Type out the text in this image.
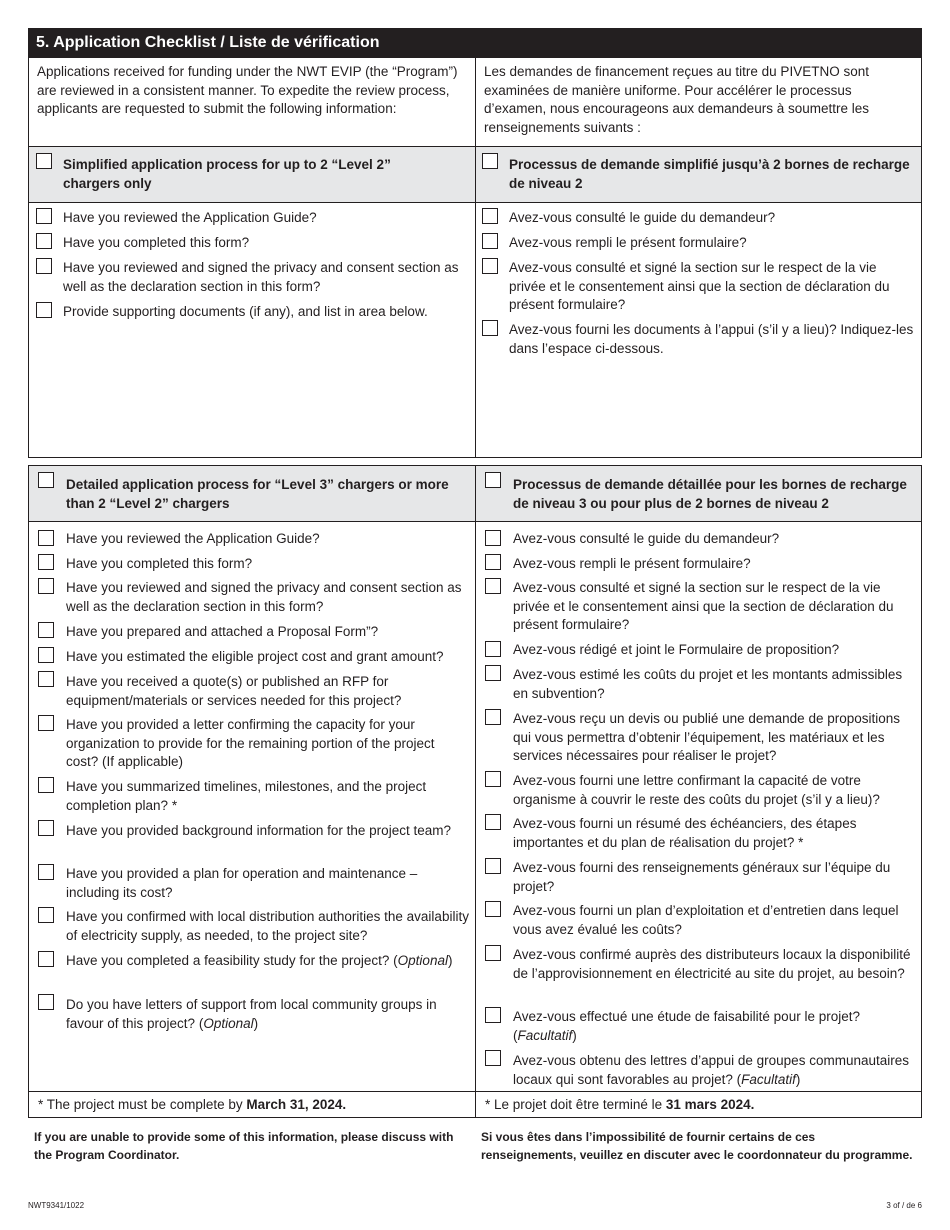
5. Application Checklist / Liste de vérification
Applications received for funding under the NWT EVIP (the “Program”) are reviewed in a consistent manner. To expedite the review process, applicants are requested to submit the following information:
Simplified application process for up to 2 “Level 2” chargers only
Have you reviewed the Application Guide?
Have you completed this form?
Have you reviewed and signed the privacy and consent section as well as the declaration section in this form?
Provide supporting documents (if any), and list in area below.
Les demandes de financement reçues au titre du PIVETNO sont examinées de manière uniforme. Pour accélérer le processus d’examen, nous encourageons aux demandeurs à soumettre les renseignements suivants :
Processus de demande simplifié jusqu’à 2 bornes de recharge de niveau 2
Avez-vous consulté le guide du demandeur?
Avez-vous rempli le présent formulaire?
Avez-vous consulté et signé la section sur le respect de la vie privée et le consentement ainsi que la section de déclaration du présent formulaire?
Avez-vous fourni les documents à l’appui (s’il y a lieu)? Indiquez-les dans l’espace ci-dessous.
Detailed application process for “Level 3” chargers or more than 2 “Level 2” chargers
Have you reviewed the Application Guide?
Have you completed this form?
Have you reviewed and signed the privacy and consent section as well as the declaration section in this form?
Have you prepared and attached a Proposal Form”?
Have you estimated the eligible project cost and grant amount?
Have you received a quote(s) or published an RFP for equipment/materials or services needed for this project?
Have you provided a letter confirming the capacity for your organization to provide for the remaining portion of the project cost? (If applicable)
Have you summarized timelines, milestones, and the project completion plan? *
Have you provided background information for the project team?
Have you provided a plan for operation and maintenance – including its cost?
Have you confirmed with local distribution authorities the availability of electricity supply, as needed, to the project site?
Have you completed a feasibility study for the project? (Optional)
Do you have letters of support from local community groups in favour of this project? (Optional)
* The project must be complete by March 31, 2024.
Processus de demande détaillée pour les bornes de recharge de niveau 3 ou pour plus de 2 bornes de niveau 2
Avez-vous consulté le guide du demandeur?
Avez-vous rempli le présent formulaire?
Avez-vous consulté et signé la section sur le respect de la vie privée et le consentement ainsi que la section de déclaration du présent formulaire?
Avez-vous rédigé et joint le Formulaire de proposition?
Avez-vous estimé les coûts du projet et les montants admissibles en subvention?
Avez-vous reçu un devis ou publié une demande de propositions qui vous permettra d’obtenir l’équipement, les matériaux et les services nécessaires pour réaliser le projet?
Avez-vous fourni une lettre confirmant la capacité de votre organisme à couvrir le reste des coûts du projet (s’il y a lieu)?
Avez-vous fourni un résumé des échéanciers, des étapes importantes et du plan de réalisation du projet? *
Avez-vous fourni des renseignements généraux sur l’équipe du projet?
Avez-vous fourni un plan d’exploitation et d’entretien dans lequel vous avez évalué les coûts?
Avez-vous confirmé auprès des distributeurs locaux la disponibilité de l’approvisionnement en électricité au site du projet, au besoin?
Avez-vous effectué une étude de faisabilité pour le projet? (Facultatif)
Avez-vous obtenu des lettres d’appui de groupes communautaires locaux qui sont favorables au projet? (Facultatif)
* Le projet doit être terminé le 31 mars 2024.
If you are unable to provide some of this information, please discuss with the Program Coordinator.
Si vous êtes dans l’impossibilité de fournir certains de ces renseignements, veuillez en discuter avec le coordonnateur du programme.
NWT9341/1022	3 of / de 6
